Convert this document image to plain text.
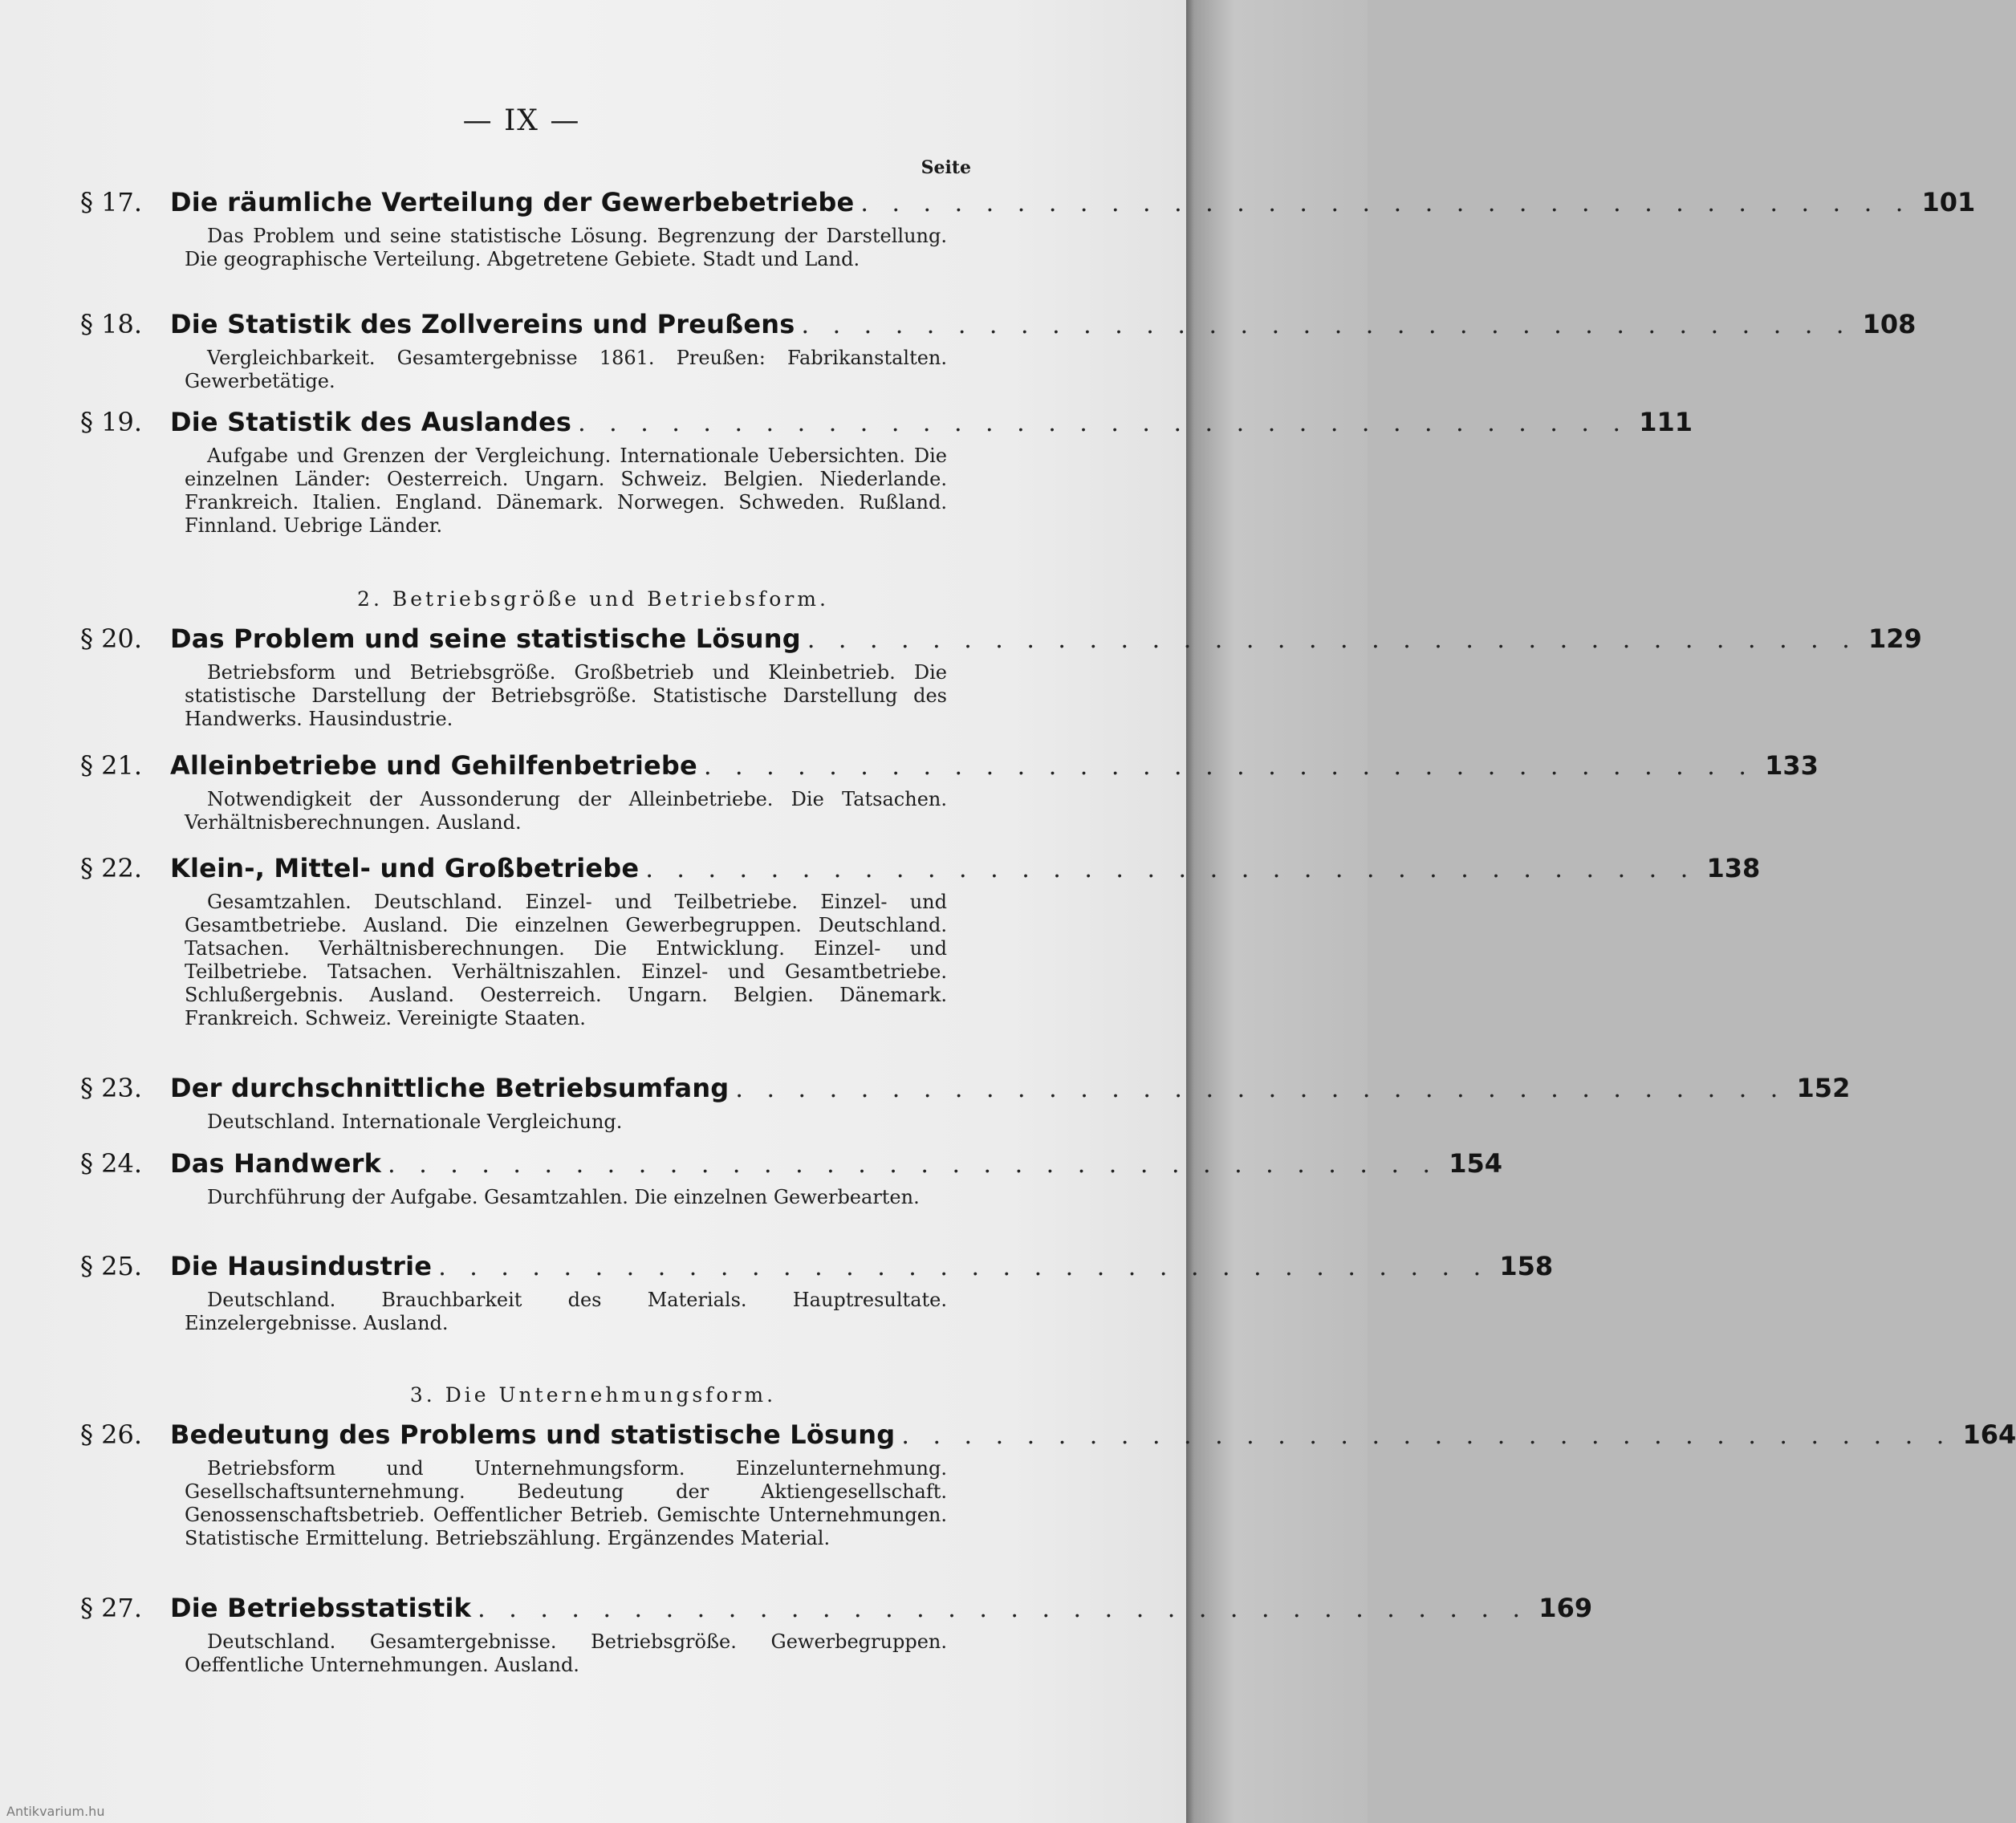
— IX —
Seite
§ 17.	Die räumliche Verteilung der Gewerbebetriebe . . . . . . . . . . . . . . . . . . . . . . . . . . . . . . . . . . 101
Das Problem und seine statistische Lösung. Begrenzung der Darstellung. Die geographische Verteilung. Abgetretene Gebiete. Stadt und Land.
§ 18.	Die Statistik des Zollvereins und Preußens . . . . . . . . . . . . . . . . . . . . . . . . . . . . . . . . . . 108
Vergleichbarkeit. Gesamtergebnisse 1861. Preußen: Fabrikanstalten. Gewerbetätige.
§ 19.	Die Statistik des Auslandes . . . . . . . . . . . . . . . . . . . . . . . . . . . . . . . . . . 111
Aufgabe und Grenzen der Vergleichung. Internationale Uebersichten. Die einzelnen Länder: Oesterreich. Ungarn. Schweiz. Belgien. Niederlande. Frankreich. Italien. England. Dänemark. Norwegen. Schweden. Rußland. Finnland. Uebrige Länder.
2. Betriebsgröße und Betriebsform.
§ 20.	Das Problem und seine statistische Lösung . . . . . . . . . . . . . . . . . . . . . . . . . . . . . . . . . . 129
Betriebsform und Betriebsgröße. Großbetrieb und Kleinbetrieb. Die statistische Darstellung der Betriebsgröße. Statistische Darstellung des Handwerks. Hausindustrie.
§ 21.	Alleinbetriebe und Gehilfenbetriebe . . . . . . . . . . . . . . . . . . . . . . . . . . . . . . . . . . 133
Notwendigkeit der Aussonderung der Alleinbetriebe. Die Tatsachen. Verhältnisberechnungen. Ausland.
§ 22.	Klein-, Mittel- und Großbetriebe . . . . . . . . . . . . . . . . . . . . . . . . . . . . . . . . . . 138
Gesamtzahlen. Deutschland. Einzel- und Teilbetriebe. Einzel- und Gesamtbetriebe. Ausland. Die einzelnen Gewerbegruppen. Deutschland. Tatsachen. Verhältnisberechnungen. Die Entwicklung. Einzel- und Teilbetriebe. Tatsachen. Verhältniszahlen. Einzel- und Gesamtbetriebe. Schlußergebnis. Ausland. Oesterreich. Ungarn. Belgien. Dänemark. Frankreich. Schweiz. Vereinigte Staaten.
§ 23.	Der durchschnittliche Betriebsumfang . . . . . . . . . . . . . . . . . . . . . . . . . . . . . . . . . . 152
Deutschland. Internationale Vergleichung.
§ 24.	Das Handwerk . . . . . . . . . . . . . . . . . . . . . . . . . . . . . . . . . . 154
Durchführung der Aufgabe. Gesamtzahlen. Die einzelnen Gewerbearten.
§ 25.	Die Hausindustrie . . . . . . . . . . . . . . . . . . . . . . . . . . . . . . . . . . 158
Deutschland. Brauchbarkeit des Materials. Hauptresultate. Einzelergebnisse. Ausland.
3. Die Unternehmungsform.
§ 26.	Bedeutung des Problems und statistische Lösung . . . . . . . . . . . . . . . . . . . . . . . . . . . . . . . . . . 164
Betriebsform und Unternehmungsform. Einzelunternehmung. Gesellschaftsunternehmung. Bedeutung der Aktiengesellschaft. Genossenschaftsbetrieb. Oeffentlicher Betrieb. Gemischte Unternehmungen. Statistische Ermittelung. Betriebszählung. Ergänzendes Material.
§ 27.	Die Betriebsstatistik . . . . . . . . . . . . . . . . . . . . . . . . . . . . . . . . . . 169
Deutschland. Gesamtergebnisse. Betriebsgröße. Gewerbegruppen. Oeffentliche Unternehmungen. Ausland.
Antikvarium.hu
